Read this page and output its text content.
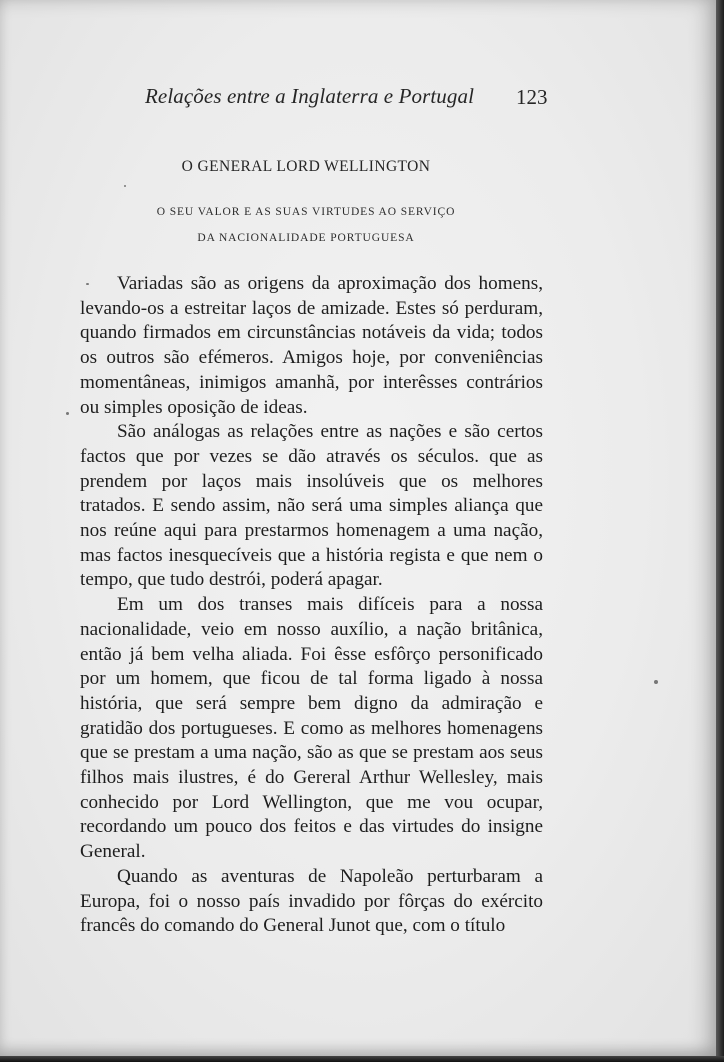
Relações entre a Inglaterra e Portugal 123
O GENERAL LORD WELLINGTON
O SEU VALOR E AS SUAS VIRTUDES AO SERVIÇO
DA NACIONALIDADE PORTUGUESA

Variadas são as origens da aproximação dos homens, levando-os a estreitar laços de amizade. Estes só perduram, quando firmados em circunstâncias notáveis da vida; todos os outros são efémeros. Amigos hoje, por conveniências momentâneas, inimigos amanhã, por interêsses contrários ou simples oposição de ideas.

São análogas as relações entre as nações e são certos factos que por vezes se dão através os séculos. que as prendem por laços mais insolúveis que os melhores tratados. E sendo assim, não será uma simples aliança que nos reúne aqui para prestarmos homenagem a uma nação, mas factos inesquecíveis que a história regista e que nem o tempo, que tudo destrói, poderá apagar.

Em um dos transes mais difíceis para a nossa nacionalidade, veio em nosso auxílio, a nação britânica, então já bem velha aliada. Foi êsse esfôrço personificado por um homem, que ficou de tal forma ligado à nossa história, que será sempre bem digno da admiração e gratidão dos portugueses. E como as melhores homenagens que se prestam a uma nação, são as que se prestam aos seus filhos mais ilustres, é do Gereral Arthur Wellesley, mais conhecido por Lord Wellington, que me vou ocupar, recordando um pouco dos feitos e das virtudes do insigne General.

Quando as aventuras de Napoleão perturbaram a Europa, foi o nosso país invadido por fôrças do exército francês do comando do General Junot que, com o título
